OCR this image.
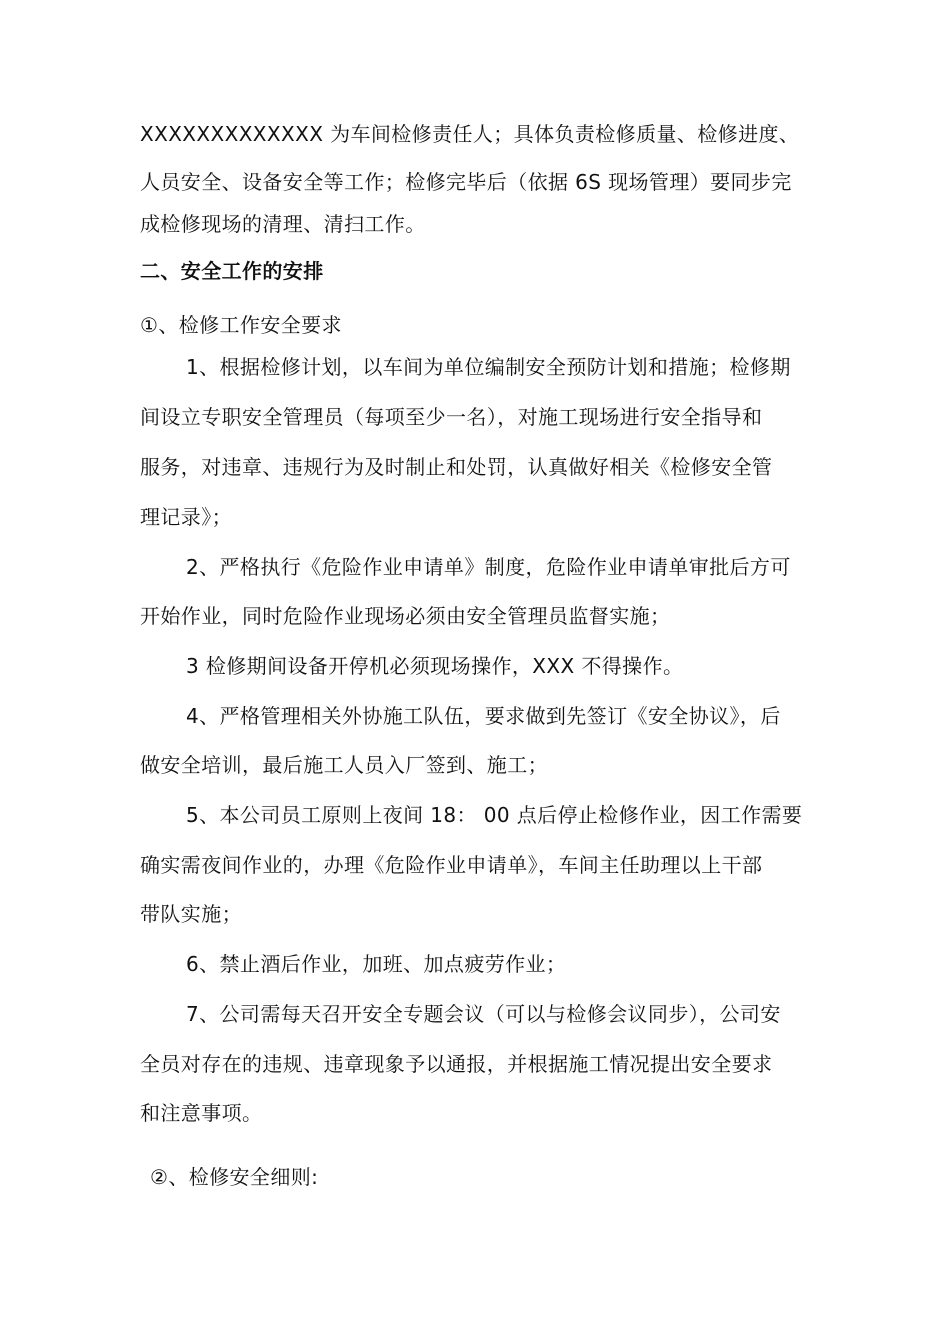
XXXXXXXXXXXXX 为车间检修责任人；具体负责检修质量、检修进度、
人员安全、设备安全等工作；检修完毕后（依据 6S 现场管理）要同步完
成检修现场的清理、清扫工作。
二、安全工作的安排
①、检修工作安全要求
1、根据检修计划，以车间为单位编制安全预防计划和措施；检修期
间设立专职安全管理员（每项至少一名），对施工现场进行安全指导和
服务，对违章、违规行为及时制止和处罚，认真做好相关《检修安全管
理记录》；
2、严格执行《危险作业申请单》制度，危险作业申请单审批后方可
开始作业，同时危险作业现场必须由安全管理员监督实施；
3 检修期间设备开停机必须现场操作，XXX 不得操作。
4、严格管理相关外协施工队伍，要求做到先签订《安全协议》，后
做安全培训，最后施工人员入厂签到、施工；
5、本公司员工原则上夜间 18： 00 点后停止检修作业，因工作需要
确实需夜间作业的，办理《危险作业申请单》，车间主任助理以上干部
带队实施；
6、禁止酒后作业，加班、加点疲劳作业；
7、公司需每天召开安全专题会议（可以与检修会议同步），公司安
全员对存在的违规、违章现象予以通报，并根据施工情况提出安全要求
和注意事项。
②、检修安全细则:
